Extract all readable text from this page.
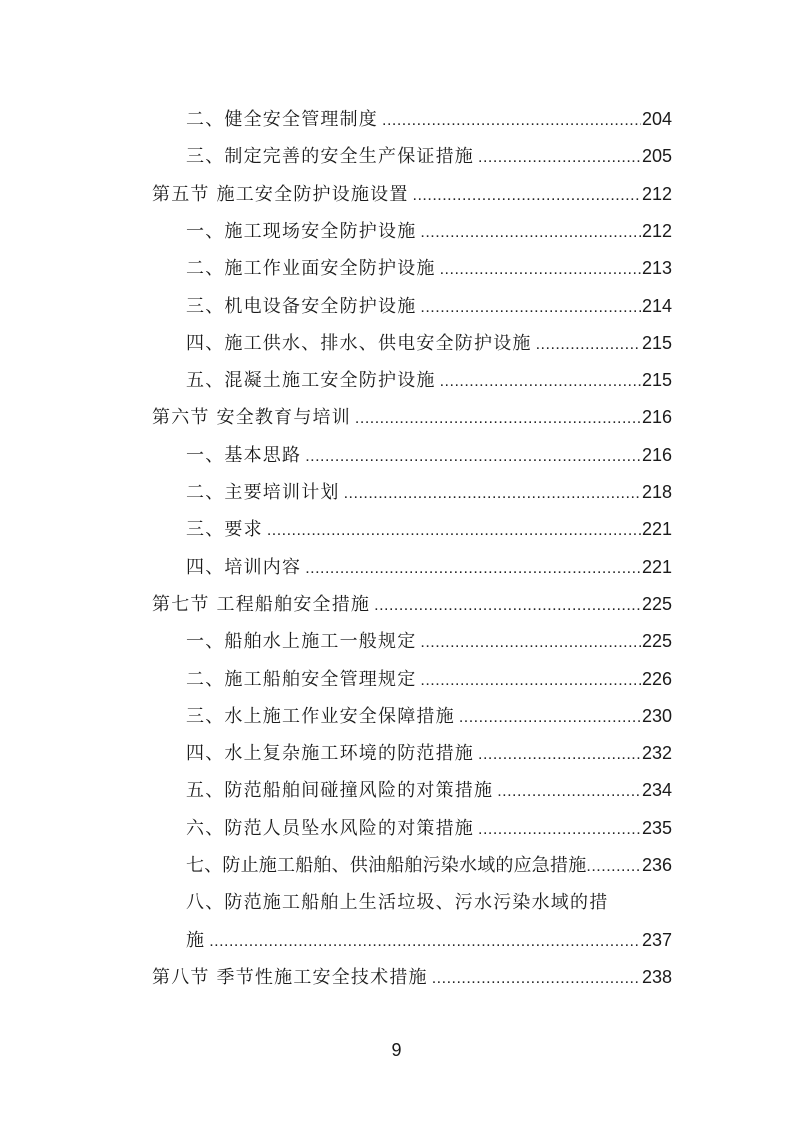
二、健全安全管理制度 .....	204
三、制定完善的安全生产保证措施 .....	205
第五节 施工安全防护设施设置 .....	212
一、施工现场安全防护设施 .....	212
二、施工作业面安全防护设施 .....	213
三、机电设备安全防护设施 .....	214
四、施工供水、排水、供电安全防护设施 .....	215
五、混凝土施工安全防护设施 .....	215
第六节 安全教育与培训 .....	216
一、基本思路 .....	216
二、主要培训计划 .....	218
三、要求 .....	221
四、培训内容 .....	221
第七节 工程船舶安全措施 .....	225
一、船舶水上施工一般规定 .....	225
二、施工船舶安全管理规定 .....	226
三、水上施工作业安全保障措施 .....	230
四、水上复杂施工环境的防范措施 .....	232
五、防范船舶间碰撞风险的对策措施 .....	234
六、防范人员坠水风险的对策措施 .....	235
七、防止施工船舶、供油船舶污染水域的应急措施 .....	236
八、防范施工船舶上生活垃圾、污水污染水域的措
施 .....	237
第八节 季节性施工安全技术措施 .....	238
9
